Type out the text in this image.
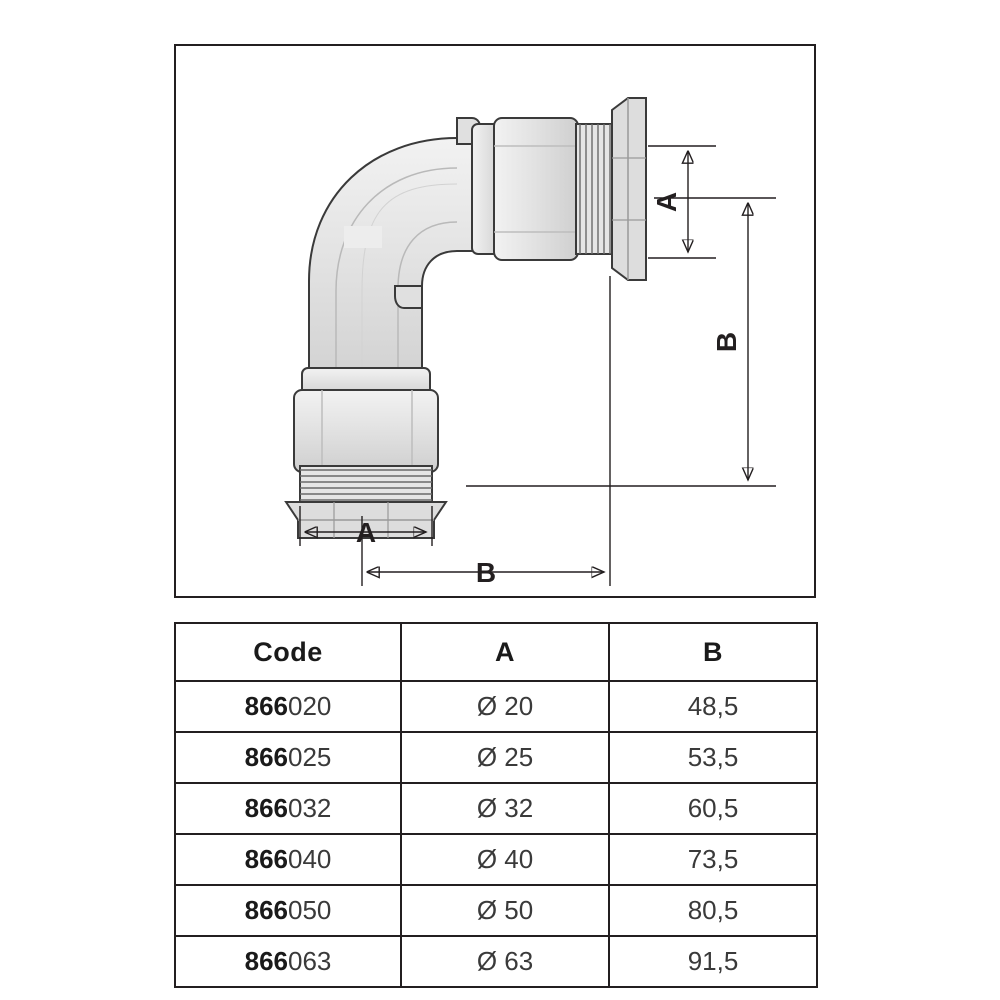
A
B
A
B
Code	A	B
866020	Ø 20	48,5
866025	Ø 25	53,5
866032	Ø 32	60,5
866040	Ø 40	73,5
866050	Ø 50	80,5
866063	Ø 63	91,5
